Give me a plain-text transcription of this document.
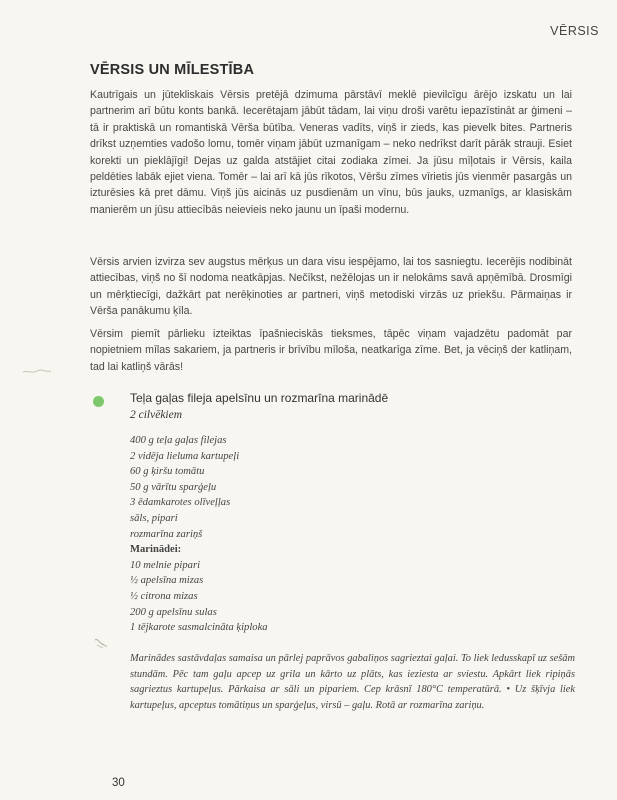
VĒRSIS
VĒRSIS UN MĪLESTĪBA

Kautrīgais un jūtekliskais Vērsis pretējā dzimuma pārstāvī meklē pievilcīgu ārējo izskatu un lai partnerim arī būtu konts bankā. Iecerētajam jābūt tādam, lai viņu droši varētu iepazīstināt ar ģimeni – tā ir praktiskā un romantiskā Vērša būtība. Veneras vadīts, viņš ir zieds, kas pievelk bites. Partneris drīkst uzņemties vadošo lomu, tomēr viņam jābūt uzmanīgam – neko nedrīkst darīt pārāk strauji. Esiet korekti un pieklājīgi! Dejas uz galda atstājiet citai zodiaka zīmei. Ja jūsu mīļotais ir Vērsis, kaila peldēties labāk ejiet viena. Tomēr – lai arī kā jūs rīkotos, Vēršu zīmes vīrietis jūs vienmēr pasargās un izturēsies kā pret dāmu. Viņš jūs aicinās uz pusdienām un vīnu, būs jauks, uzmanīgs, ar klasiskām manierēm un jūsu attiecībās neievieis neko jaunu un īpaši modernu.

Vērsis arvien izvirza sev augstus mērķus un dara visu iespējamo, lai tos sasniegtu. Iecerējis nodibināt attiecības, viņš no šī nodoma neatkāpjas. Nečīkst, nežēlojas un ir nelokāms savā apņēmībā. Drosmīgi un mērķtiecīgi, dažkārt pat nerēķinoties ar partneri, viņš metodiski virzās uz priekšu. Pārmaiņas ir Vērša panākumu ķīla.

Vērsim piemīt pārlieku izteiktas īpašnieciskās tieksmes, tāpēc viņam vajadzētu padomāt par nopietniem mīlas sakariem, ja partneris ir brīvību mīloša, neatkarīga zīme. Bet, ja vēciņš der katliņam, tad lai katliņš vārās!

Teļa gaļas fileja apelsīnu un rozmarīna marinādē
2 cilvēkiem
400 g teļa gaļas filejas
2 vidēja lieluma kartupeļi
60 g ķiršu tomātu
50 g vārītu sparģeļu
3 ēdamkarotes olīveļļas
sāls, pipari
rozmarīna zariņš
Marinādei:
10 melnie pipari
½ apelsīna mizas
½ citrona mizas
200 g apelsīnu sulas
1 tējkarote sasmalcināta ķiploka

Marinādes sastāvdaļas samaisa un pārlej paprāvos gabaliņos sagrieztai gaļai. To liek ledusskapī uz sešām stundām. Pēc tam gaļu apcep uz grila un kārto uz plāts, kas ieziesta ar sviestu. Apkārt liek ripiņās sagrieztus kartupeļus. Pārkaisa ar sāli un pipariem. Cep krāsnī 180°C temperatūrā. • Uz šķīvja liek kartupeļus, apceptus tomātiņus un sparģeļus, virsū – gaļu. Rotā ar rozmarīna zariņu.

30
